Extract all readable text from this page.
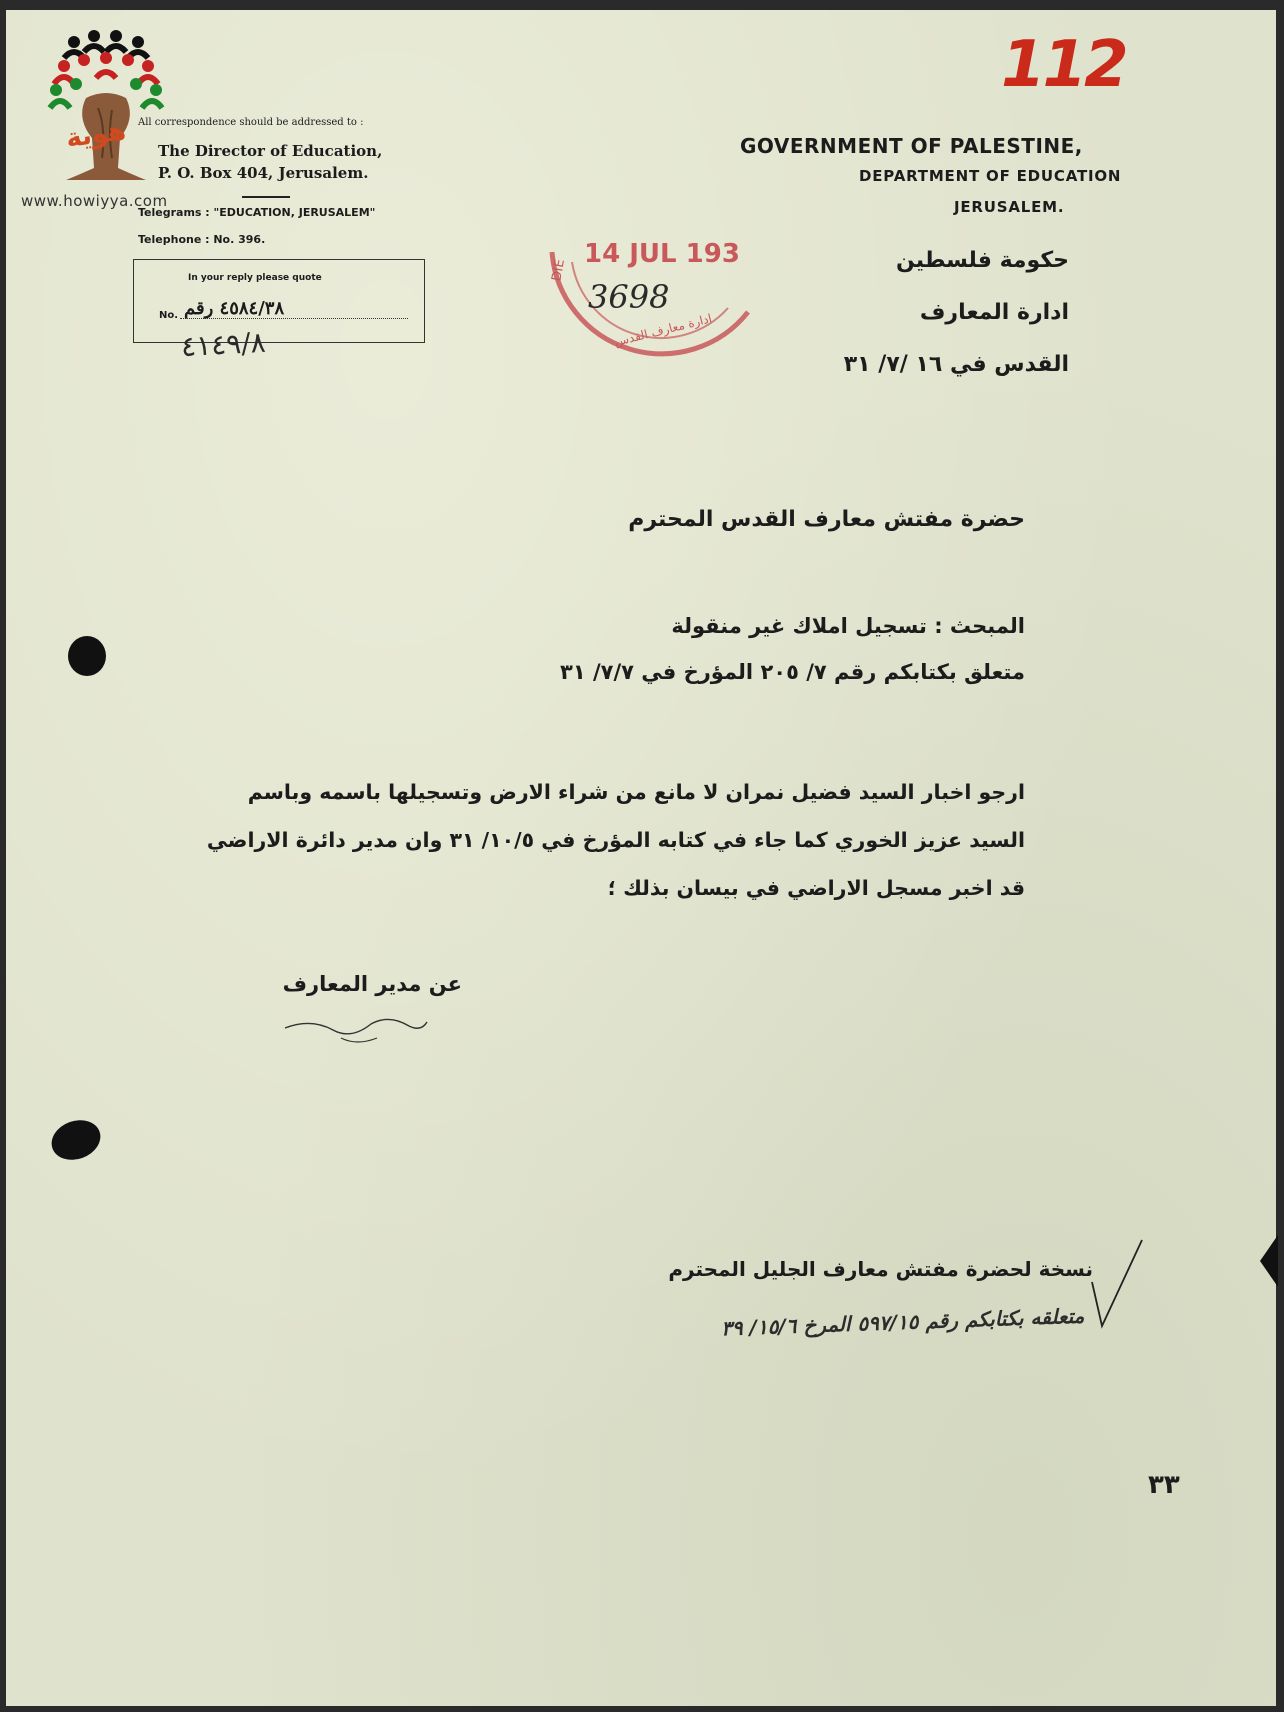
هوية
www.howiyya.com
All correspondence should be addressed to :
The Director of Education,
P. O. Box 404, Jerusalem.
Telegrams : "EDUCATION, JERUSALEM"
Telephone : No. 396.
In your reply please quote
No. ٤٥٨٤/٣٨ رقم
٤١٤٩/٨
112
GOVERNMENT OF PALESTINE,
DEPARTMENT OF EDUCATION
JERUSALEM.
حكومة فلسطين
ادارة المعارف
القدس في ١٦ /٧/ ٣١
14 JUL 193
DIE
3698
ادارة معارف القدس
حضرة مفتش معارف القدس المحترم
المبحث : تسجيل املاك غير منقولة
متعلق بكتابكم رقم ٧/ ٢٠٥ المؤرخ في ٧/٧/ ٣١
ارجو اخبار السيد فضيل نمران لا مانع من شراء الارض وتسجيلها باسمه وباسم السيد عزيز الخوري كما جاء في كتابه المؤرخ في ١٠/٥/ ٣١ وان مدير دائرة الاراضي قد اخبر مسجل الاراضي في بيسان بذلك ؛
عن مدير المعارف
نسخة لحضرة مفتش معارف الجليل المحترم
متعلقه بكتابكم رقم ٥٩٧/١٥ المرخ ١٥/٦/ ٣٩
٣٣
